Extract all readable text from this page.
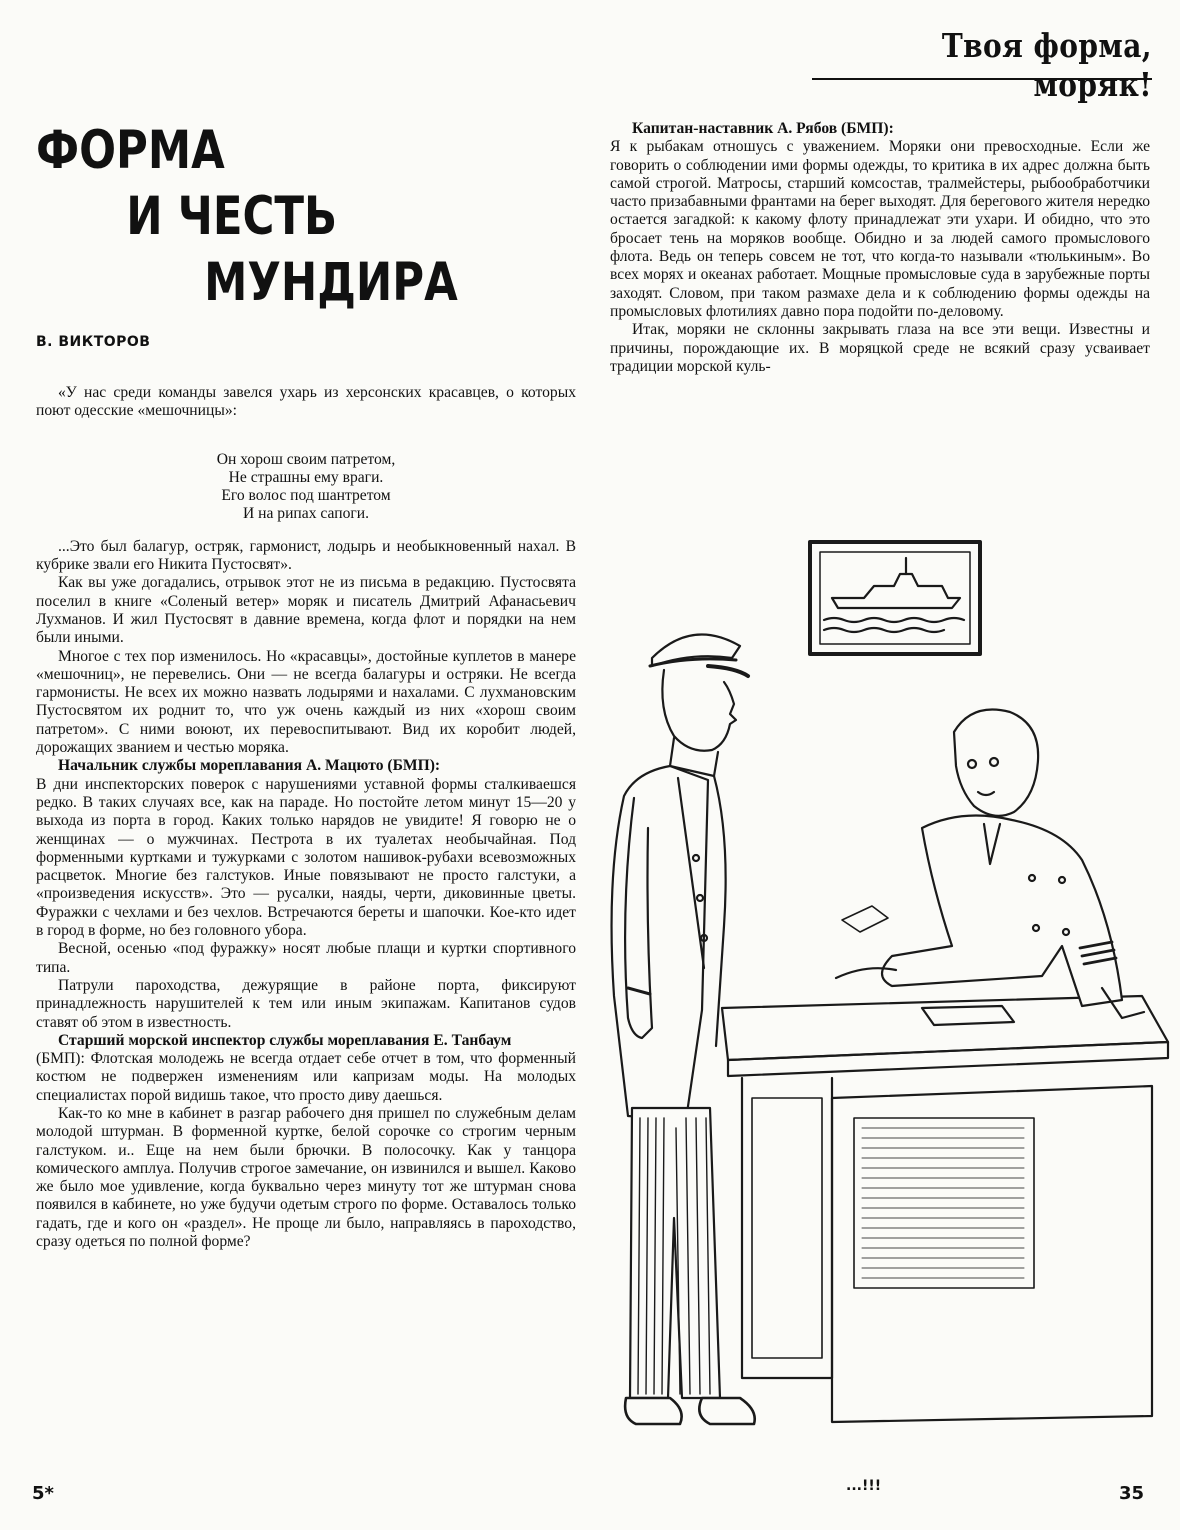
Твоя форма, моряк!
ФОРМА
И ЧЕСТЬ
МУНДИРА
В. ВИКТОРОВ

«У нас среди команды завелся ухарь из херсонских красавцев, о которых поют одесские «мешочницы»:

Он хорош своим патретом,
Не страшны ему враги.
Его волос под шантретом
И на рипах сапоги.

...Это был балагур, остряк, гармонист, лодырь и необыкновенный нахал. В кубрике звали его Никита Пустосвят».

Как вы уже догадались, отрывок этот не из письма в редакцию. Пустосвята поселил в книге «Соленый ветер» моряк и писатель Дмитрий Афанасьевич Лухманов. И жил Пустосвят в давние времена, когда флот и порядки на нем были иными.

Многое с тех пор изменилось. Но «красавцы», достойные куплетов в манере «мешочниц», не перевелись. Они — не всегда балагуры и остряки. Не всегда гармонисты. Не всех их можно назвать лодырями и нахалами. С лухмановским Пустосвятом их роднит то, что уж очень каждый из них «хорош своим патретом». С ними воюют, их перевоспитывают. Вид их коробит людей, дорожащих званием и честью моряка.

Начальник службы мореплавания А. Мацюто (БМП):

В дни инспекторских поверок с нарушениями уставной формы сталкиваешся редко. В таких случаях все, как на параде. Но постойте летом минут 15—20 у выхода из порта в город. Каких только нарядов не увидите! Я говорю не о женщинах — о мужчинах. Пестрота в их туалетах необычайная. Под форменными куртками и тужурками с золотом нашивок-рубахи всевозможных расцветок. Многие без галстуков. Иные повязывают не просто галстуки, а «произведения искусств». Это — русалки, наяды, черти, диковинные цветы. Фуражки с чехлами и без чехлов. Встречаются береты и шапочки. Кое-кто идет в город в форме, но без головного убора.

Весной, осенью «под фуражку» носят любые плащи и куртки спортивного типа.

Патрули пароходства, дежурящие в районе порта, фиксируют принадлежность нарушителей к тем или иным экипажам. Капитанов судов ставят об этом в известность.

Старший морской инспектор службы мореплавания Е. Танбаум

(БМП): Флотская молодежь не всегда отдает себе отчет в том, что форменный костюм не подвержен изменениям или капризам моды. На молодых специалистах порой видишь такое, что просто диву даешься.

Как-то ко мне в кабинет в разгар рабочего дня пришел по служебным делам молодой штурман. В форменной куртке, белой сорочке со строгим черным галстуком. и.. Еще на нем были брючки. В полосочку. Как у танцора комического амплуа. Получив строгое замечание, он извинился и вышел. Каково же было мое удивление, когда буквально через минуту тот же штурман снова появился в кабинете, но уже будучи одетым строго по форме. Оставалось только гадать, где и кого он «раздел». Не проще ли было, направляясь в пароходство, сразу одеться по полной форме?

Капитан-наставник А. Рябов (БМП):

Я к рыбакам отношусь с уважением. Моряки они превосходные. Если же говорить о соблюдении ими формы одежды, то критика в их адрес должна быть самой строгой. Матросы, старший комсостав, тралмейстеры, рыбообработчики часто призабавными франтами на берег выходят. Для берегового жителя нередко остается загадкой: к какому флоту принадлежат эти ухари. И обидно, что это бросает тень на моряков вообще. Обидно и за людей самого промыслового флота. Ведь он теперь совсем не тот, что когда-то называли «тюлькиным». Во всех морях и океанах работает. Мощные промысловые суда в зарубежные порты заходят. Словом, при таком размахе дела и к соблюдению формы одежды на промысловых флотилиях давно пора подойти по-деловому.

Итак, моряки не склонны закрывать глаза на все эти вещи. Известны и причины, порождающие их. В моряцкой среде не всякий сразу усваивает традиции морской куль-

...!!!
5*	35
